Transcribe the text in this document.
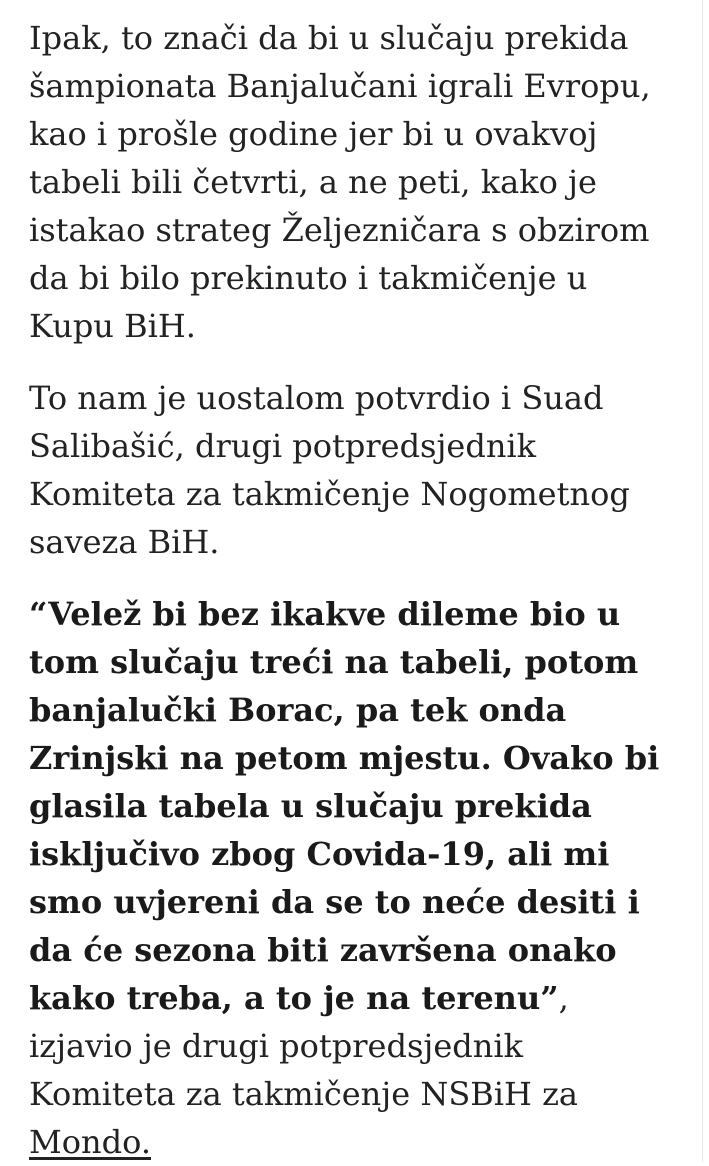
Ipak, to znači da bi u slučaju prekida šampionata Banjalučani igrali Evropu, kao i prošle godine jer bi u ovakvoj tabeli bili četvrti, a ne peti, kako je istakao strateg Željezničara s obzirom da bi bilo prekinuto i takmičenje u Kupu BiH.

To nam je uostalom potvrdio i Suad Salibašić, drugi potpredsjednik Komiteta za takmičenje Nogometnog saveza BiH.

“Velež bi bez ikakve dileme bio u tom slučaju treći na tabeli, potom banjalučki Borac, pa tek onda Zrinjski na petom mjestu. Ovako bi glasila tabela u slučaju prekida isključivo zbog Covida-19, ali mi smo uvjereni da se to neće desiti i da će sezona biti završena onako kako treba, a to je na terenu”, izjavio je drugi potpredsjednik Komiteta za takmičenje NSBiH za Mondo.
